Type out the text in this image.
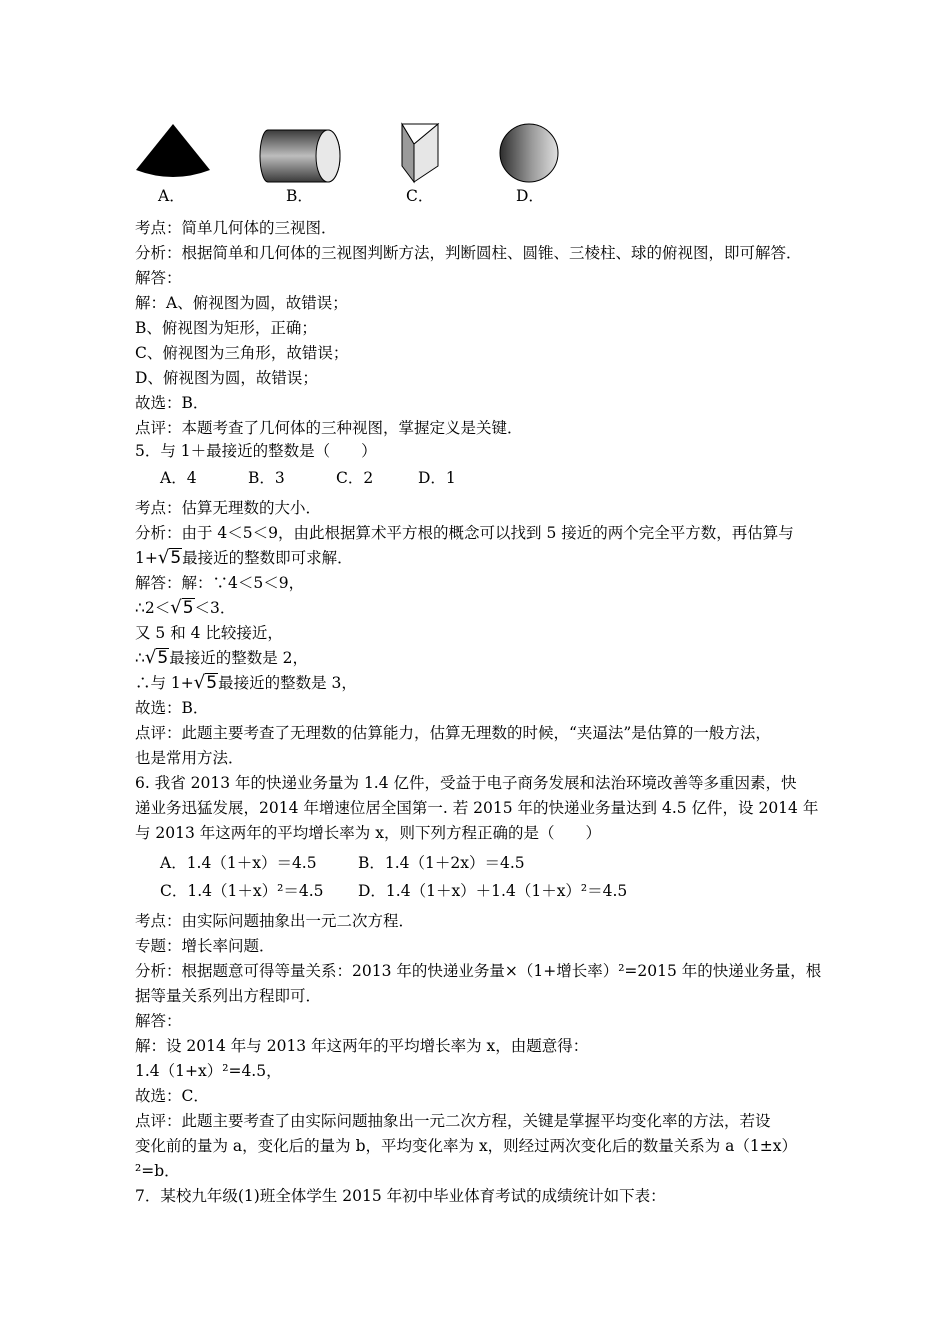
A．	B．	C．	D．
考点：简单几何体的三视图．
分析：根据简单和几何体的三视图判断方法，判断圆柱、圆锥、三棱柱、球的俯视图，即可解答．
解答：
解：A、俯视图为圆，故错误；
B、俯视图为矩形，正确；
C、俯视图为三角形，故错误；
D、俯视图为圆，故错误；
故选：B．
点评：本题考查了几何体的三种视图，掌握定义是关键．
5．与 1＋最接近的整数是（　　）
A．4	B．3	C．2	D．1
考点：估算无理数的大小．
分析：由于 4＜5＜9，由此根据算术平方根的概念可以找到 5 接近的两个完全平方数，再估算与
1+√5最接近的整数即可求解．
解答：解：∵4＜5＜9，
∴2＜√5＜3．
又 5 和 4 比较接近，
∴√5最接近的整数是 2，
∴与 1+√5最接近的整数是 3，
故选：B．
点评：此题主要考查了无理数的估算能力，估算无理数的时候，“夹逼法”是估算的一般方法，
也是常用方法．
6. 我省 2013 年的快递业务量为 1.4 亿件，受益于电子商务发展和法治环境改善等多重因素，快
递业务迅猛发展，2014 年增速位居全国第一. 若 2015 年的快递业务量达到 4.5 亿件，设 2014 年
与 2013 年这两年的平均增长率为 x，则下列方程正确的是（　　）
A．1.4（1＋x）＝4.5	B．1.4（1＋2x）＝4.5
C．1.4（1＋x）²＝4.5 D．1.4（1＋x）＋1.4（1＋x）²＝4.5
考点：由实际问题抽象出一元二次方程．
专题：增长率问题．
分析：根据题意可得等量关系：2013 年的快递业务量×（1+增长率）²=2015 年的快递业务量，根
据等量关系列出方程即可．
解答：
解：设 2014 年与 2013 年这两年的平均增长率为 x，由题意得：
1.4（1+x）²=4.5，
故选：C．
点评：此题主要考查了由实际问题抽象出一元二次方程，关键是掌握平均变化率的方法，若设
变化前的量为 a，变化后的量为 b，平均变化率为 x，则经过两次变化后的数量关系为 a（1±x）
²=b．
7．某校九年级(1)班全体学生 2015 年初中毕业体育考试的成绩统计如下表：
